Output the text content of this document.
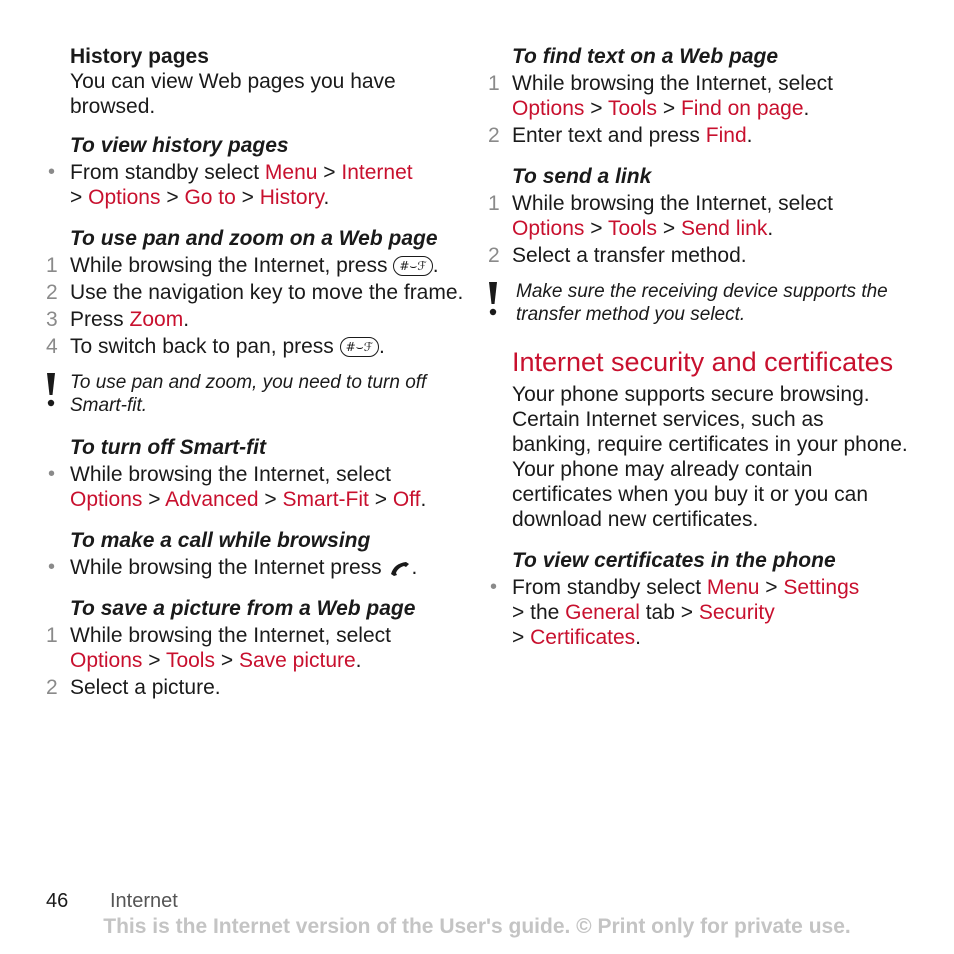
History pages
You can view Web pages you have browsed.
To view history pages
• From standby select Menu > Internet
> Options > Go to > History.
To use pan and zoom on a Web page
1 While browsing the Internet, press #⌣ℱ .
2 Use the navigation key to move the frame.
3 Press Zoom.
4 To switch back to pan, press #⌣ℱ .
To use pan and zoom, you need to turn off Smart-fit.
To turn off Smart-fit
• While browsing the Internet, select
Options > Advanced > Smart-Fit > Off.
To make a call while browsing
• While browsing the Internet press .
To save a picture from a Web page
1 While browsing the Internet, select
Options > Tools > Save picture.
2 Select a picture.
To find text on a Web page
1 While browsing the Internet, select
Options > Tools > Find on page.
2 Enter text and press Find.
To send a link
1 While browsing the Internet, select
Options > Tools > Send link.
2 Select a transfer method.
Make sure the receiving device supports the transfer method you select.
Internet security and certificates
Your phone supports secure browsing. Certain Internet services, such as banking, require certificates in your phone. Your phone may already contain certificates when you buy it or you can download new certificates.
To view certificates in the phone
• From standby select Menu > Settings
> the General tab > Security
> Certificates.
46 Internet
This is the Internet version of the User's guide. © Print only for private use.
